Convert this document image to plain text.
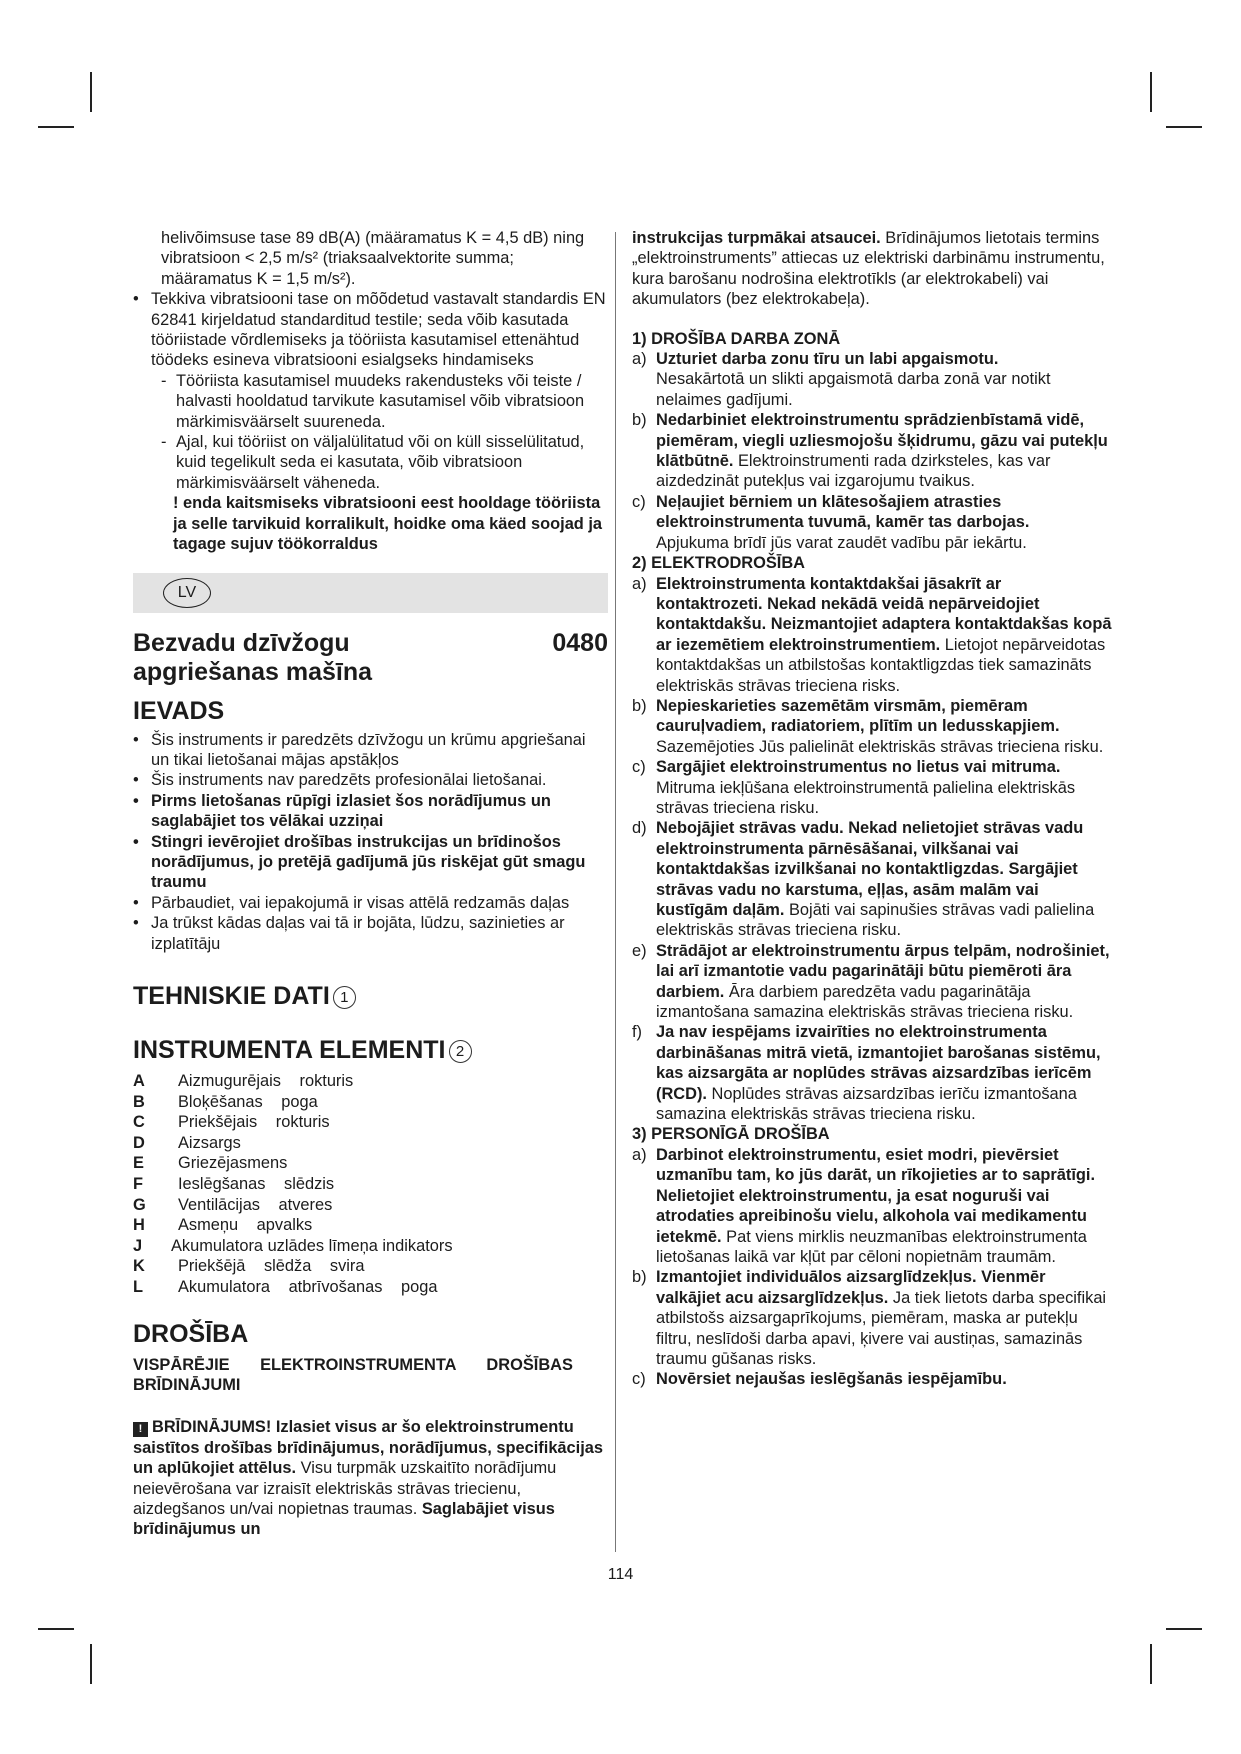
helivõimsuse tase 89 dB(A) (määramatus K = 4,5 dB) ning vibratsioon < 2,5 m/s² (triaksaalvektorite summa; määramatus K = 1,5 m/s²).

• Tekkiva vibratsiooni tase on mõõdetud vastavalt standardis EN 62841 kirjeldatud standarditud testile; seda võib kasutada tööriistade võrdlemiseks ja tööriista kasutamisel ettenähtud töödeks esineva vibratsiooni esialgseks hindamiseks

- Tööriista kasutamisel muudeks rakendusteks või teiste / halvasti hooldatud tarvikute kasutamisel võib vibratsioon märkimisväärselt suureneda.

- Ajal, kui tööriist on väljalülitatud või on küll sisselülitatud, kuid tegelikult seda ei kasutata, võib vibratsioon märkimisväärselt väheneda.

! enda kaitsmiseks vibratsiooni eest hooldage tööriista ja selle tarvikuid korralikult, hoidke oma käed soojad ja tagage sujuv töökorraldus

LV
Bezvadu dzīvžogu apgriešanas mašīna
0480
IEVADS

• Šis instruments ir paredzēts dzīvžogu un krūmu apgriešanai un tikai lietošanai mājas apstākļos

• Šis instruments nav paredzēts profesionālai lietošanai.

• Pirms lietošanas rūpīgi izlasiet šos norādījumus un saglabājiet tos vēlākai uzziņai

• Stingri ievērojiet drošības instrukcijas un brīdinošos norādījumus, jo pretējā gadījumā jūs riskējat gūt smagu traumu

• Pārbaudiet, vai iepakojumā ir visas attēlā redzamās daļas

• Ja trūkst kādas daļas vai tā ir bojāta, lūdzu, sazinieties ar izplatītāju

TEHNISKIE DATI 1
INSTRUMENTA ELEMENTI 2
A Aizmugurējais rokturis
B Bloķēšanas poga
C Priekšējais rokturis
D Aizsargs
E Griezējasmens
F Ieslēgšanas slēdzis
G Ventilācijas atveres
H Asmeņu apvalks
J Akumulatora uzlādes līmeņa indikators
K Priekšējā slēdža svira
L Akumulatora atbrīvošanas poga
DROŠĪBA

VISPĀRĒJIE ELEKTROINSTRUMENTA DROŠĪBAS BRĪDINĀJUMI

! BRĪDINĀJUMS! Izlasiet visus ar šo elektroinstrumentu saistītos drošības brīdinājumus, norādījumus, specifikācijas un aplūkojiet attēlus. Visu turpmāk uzskaitīto norādījumu neievērošana var izraisīt elektriskās strāvas triecienu, aizdegšanos un/vai nopietnas traumas. Saglabājiet visus brīdinājumus un

instrukcijas turpmākai atsaucei. Brīdinājumos lietotais termins „elektroinstruments” attiecas uz elektriski darbināmu instrumentu, kura barošanu nodrošina elektrotīkls (ar elektrokabeli) vai akumulators (bez elektrokabeļa).

1) DROŠĪBA DARBA ZONĀ

a) Uzturiet darba zonu tīru un labi apgaismotu.
Nesakārtotā un slikti apgaismotā darba zonā var notikt nelaimes gadījumi.
b) Nedarbiniet elektroinstrumentu sprādzienbīstamā vidē, piemēram, viegli uzliesmojošu šķidrumu, gāzu vai putekļu klātbūtnē. Elektroinstrumenti rada dzirksteles, kas var aizdedzināt putekļus vai izgarojumu tvaikus.
c) Neļaujiet bērniem un klātesošajiem atrasties elektroinstrumenta tuvumā, kamēr tas darbojas.
Apjukuma brīdī jūs varat zaudēt vadību pār iekārtu.

2) ELEKTRODROŠĪBA

a) Elektroinstrumenta kontaktdakšai jāsakrīt ar kontaktrozeti. Nekad nekādā veidā nepārveidojiet kontaktdakšu. Neizmantojiet adaptera kontaktdakšas kopā ar iezemētiem elektroinstrumentiem. Lietojot nepārveidotas kontaktdakšas un atbilstošas kontaktligzdas tiek samazināts elektriskās strāvas trieciena risks.
b) Nepieskarieties sazemētām virsmām, piemēram cauruļvadiem, radiatoriem, plītīm un ledusskapjiem. Sazemējoties Jūs palielināt elektriskās strāvas trieciena risku.
c) Sargājiet elektroinstrumentus no lietus vai mitruma.
Mitruma iekļūšana elektroinstrumentā palielina elektriskās strāvas trieciena risku.
d) Nebojājiet strāvas vadu. Nekad nelietojiet strāvas vadu elektroinstrumenta pārnēsāšanai, vilkšanai vai kontaktdakšas izvilkšanai no kontaktligzdas. Sargājiet strāvas vadu no karstuma, eļļas, asām malām vai kustīgām daļām. Bojāti vai sapinušies strāvas vadi palielina elektriskās strāvas trieciena risku.
e) Strādājot ar elektroinstrumentu ārpus telpām, nodrošiniet, lai arī izmantotie vadu pagarinātāji būtu piemēroti āra darbiem. Āra darbiem paredzēta vadu pagarinātāja izmantošana samazina elektriskās strāvas trieciena risku.
f) Ja nav iespējams izvairīties no elektroinstrumenta darbināšanas mitrā vietā, izmantojiet barošanas sistēmu, kas aizsargāta ar noplūdes strāvas aizsardzības ierīcēm (RCD). Noplūdes strāvas aizsardzības ierīču izmantošana samazina elektriskās strāvas trieciena risku.

3) PERSONĪGĀ DROŠĪBA

a) Darbinot elektroinstrumentu, esiet modri, pievērsiet uzmanību tam, ko jūs darāt, un rīkojieties ar to saprātīgi. Nelietojiet elektroinstrumentu, ja esat noguruši vai atrodaties apreibinošu vielu, alkohola vai medikamentu ietekmē. Pat viens mirklis neuzmanības elektroinstrumenta lietošanas laikā var kļūt par cēloni nopietnām traumām.
b) Izmantojiet individuālos aizsarglīdzekļus. Vienmēr valkājiet acu aizsarglīdzekļus. Ja tiek lietots darba specifikai atbilstošs aizsargaprīkojums, piemēram, maska ar putekļu filtru, neslīdoši darba apavi, ķivere vai austiņas, samazinās traumu gūšanas risks.
c) Novērsiet nejaušas ieslēgšanās iespējamību.
114
